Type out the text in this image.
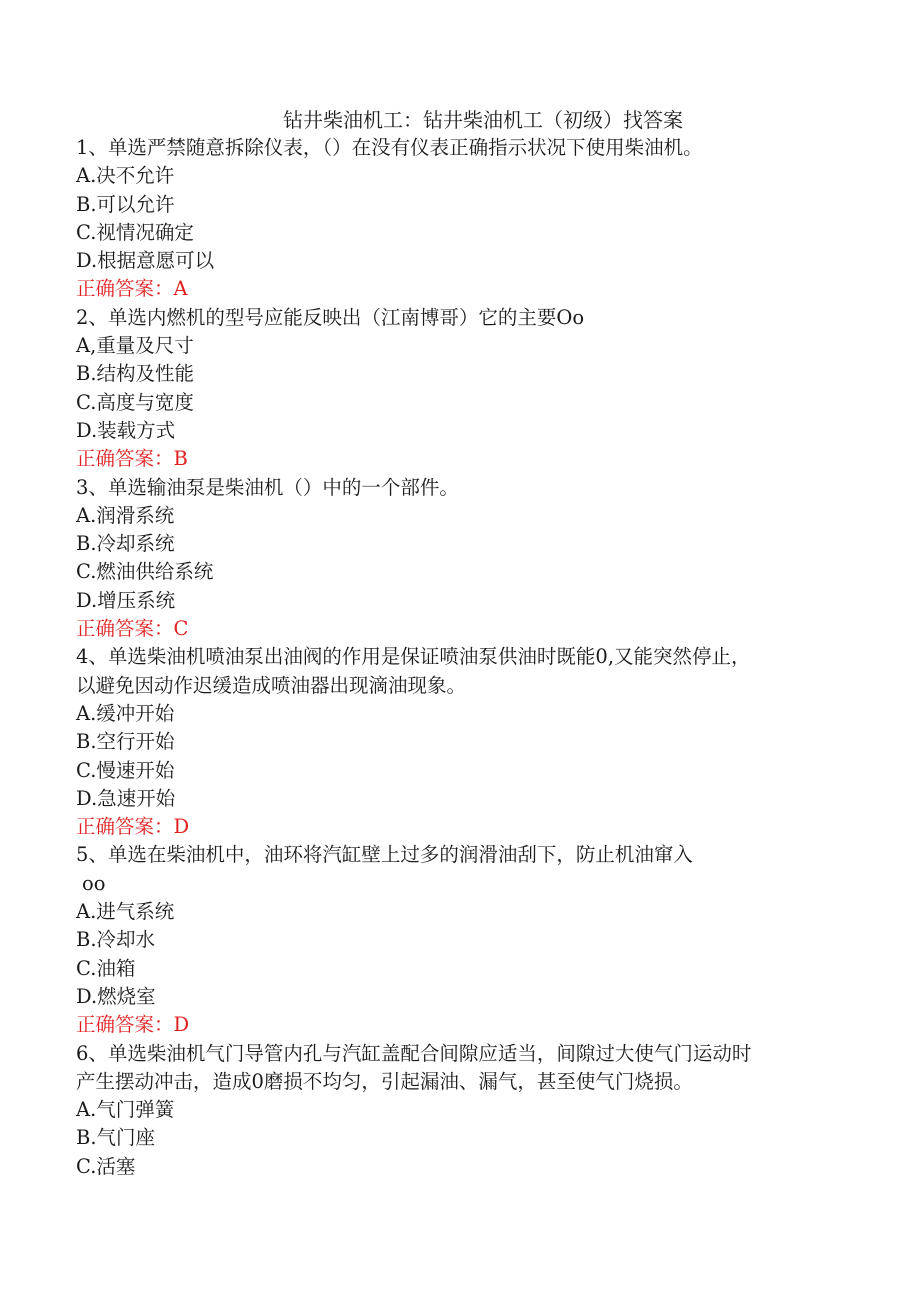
钻井柴油机工：钻井柴油机工（初级）找答案
1、单选严禁随意拆除仪表，（）在没有仪表正确指示状况下使用柴油机。
A.决不允许
B.可以允许
C.视情况确定
D.根据意愿可以
正确答案：A
2、单选内燃机的型号应能反映出（江南博哥）它的主要Oo
A,重量及尺寸
B.结构及性能
C.高度与宽度
D.装载方式
正确答案：B
3、单选输油泵是柴油机（）中的一个部件。
A.润滑系统
B.冷却系统
C.燃油供给系统
D.增压系统
正确答案：C
4、单选柴油机喷油泵出油阀的作用是保证喷油泵供油时既能0,又能突然停止，
以避免因动作迟缓造成喷油器出现滴油现象。
A.缓冲开始
B.空行开始
C.慢速开始
D.急速开始
正确答案：D
5、单选在柴油机中，油环将汽缸壁上过多的润滑油刮下，防止机油窜入
oo
A.进气系统
B.冷却水
C.油箱
D.燃烧室
正确答案：D
6、单选柴油机气门导管内孔与汽缸盖配合间隙应适当，间隙过大使气门运动时
产生摆动冲击，造成0磨损不均匀，引起漏油、漏气，甚至使气门烧损。
A.气门弹簧
B.气门座
C.活塞
